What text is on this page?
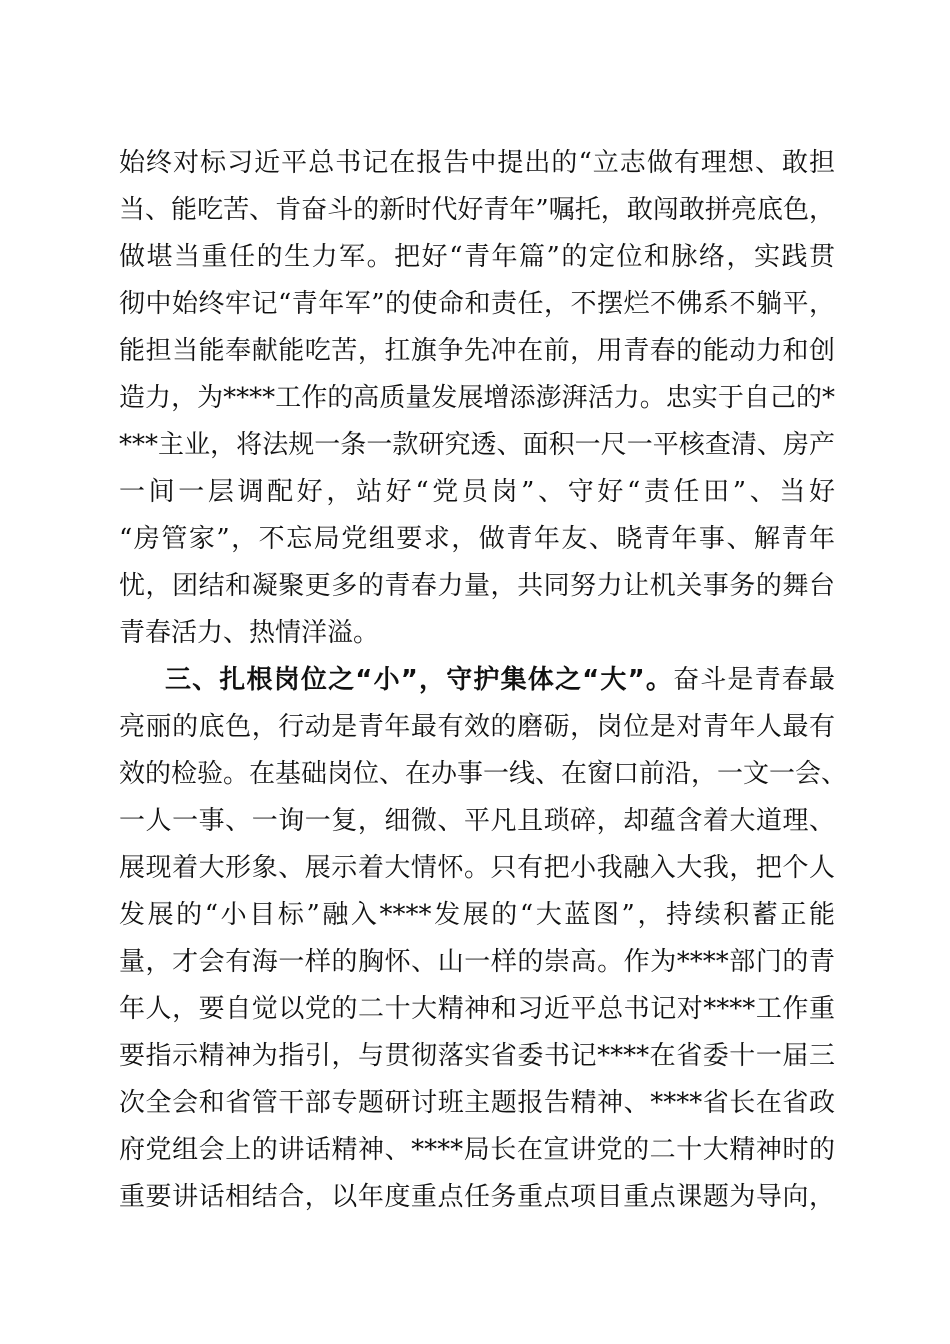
始终对标习近平总书记在报告中提出的“立志做有理想、敢担
当、能吃苦、肯奋斗的新时代好青年”嘱托，敢闯敢拼亮底色，
做堪当重任的生力军。把好“青年篇”的定位和脉络，实践贯
彻中始终牢记“青年军”的使命和责任，不摆烂不佛系不躺平，
能担当能奉献能吃苦，扛旗争先冲在前，用青春的能动力和创
造力，为****工作的高质量发展增添澎湃活力。忠实于自己的*
***主业，将法规一条一款研究透、面积一尺一平核查清、房产
一间一层调配好，站好“党员岗”、守好“责任田”、当好
“房管家”，不忘局党组要求，做青年友、晓青年事、解青年
忧，团结和凝聚更多的青春力量，共同努力让机关事务的舞台
青春活力、热情洋溢。
三、扎根岗位之“小”，守护集体之“大”。奋斗是青春最
亮丽的底色，行动是青年最有效的磨砺，岗位是对青年人最有
效的检验。在基础岗位、在办事一线、在窗口前沿，一文一会、
一人一事、一询一复，细微、平凡且琐碎，却蕴含着大道理、
展现着大形象、展示着大情怀。只有把小我融入大我，把个人
发展的“小目标”融入****发展的“大蓝图”，持续积蓄正能
量，才会有海一样的胸怀、山一样的崇高。作为****部门的青
年人，要自觉以党的二十大精神和习近平总书记对****工作重
要指示精神为指引，与贯彻落实省委书记****在省委十一届三
次全会和省管干部专题研讨班主题报告精神、****省长在省政
府党组会上的讲话精神、****局长在宣讲党的二十大精神时的
重要讲话相结合，以年度重点任务重点项目重点课题为导向，
